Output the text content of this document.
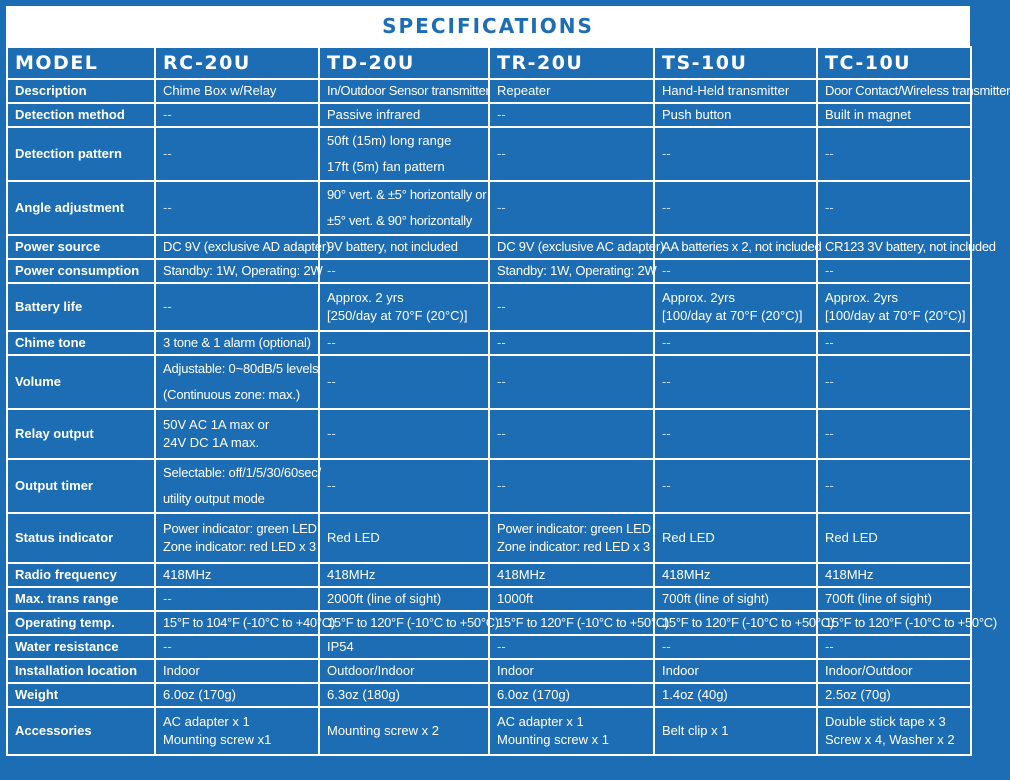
SPECIFICATIONS
MODEL	RC-20U	TD-20U	TR-20U	TS-10U	TC-10U
Description	Chime Box w/Relay	In/Outdoor Sensor transmitter	Repeater	Hand-Held transmitter	Door Contact/Wireless transmitter

Detection method	--	Passive infrared	--	Push button	Built in magnet

Detection pattern	--	50ft (15m) long range
17ft (5m) fan pattern	--	--	--

Angle adjustment	--	90° vert. & ±5° horizontally or
±5° vert. & 90° horizontally	--	--	--

Power source	DC 9V (exclusive AD adapter)	9V battery, not included	DC 9V (exclusive AC adapter)	AA batteries x 2, not included	CR123 3V battery, not included

Power consumption	Standby: 1W, Operating: 2W	--	Standby: 1W, Operating: 2W	--	--

Battery life	--	Approx. 2 yrs
[250/day at 70°F (20°C)]	--	Approx. 2yrs
[100/day at 70°F (20°C)]	Approx. 2yrs
[100/day at 70°F (20°C)]

Chime tone	3 tone & 1 alarm (optional)	--	--	--	--

Volume	Adjustable: 0~80dB/5 levels
(Continuous zone: max.)	--	--	--	--

Relay output	50V AC 1A max or
24V DC 1A max.	--	--	--	--

Output timer	Selectable: off/1/5/30/60sec/
utility output mode	--	--	--	--

Status indicator	Power indicator: green LED
Zone indicator: red LED x 3	Red LED	Power indicator: green LED
Zone indicator: red LED x 3	Red LED	Red LED

Radio frequency	418MHz	418MHz	418MHz	418MHz	418MHz

Max. trans range	--	2000ft (line of sight)	1000ft	700ft (line of sight)	700ft (line of sight)

Operating temp.	15°F to 104°F (-10°C to +40°C)	15°F to 120°F (-10°C to +50°C)	15°F to 120°F (-10°C to +50°C)	15°F to 120°F (-10°C to +50°C)	15°F to 120°F (-10°C to +50°C)

Water resistance	--	IP54	--	--	--

Installation location	Indoor	Outdoor/Indoor	Indoor	Indoor	Indoor/Outdoor

Weight	6.0oz (170g)	6.3oz (180g)	6.0oz (170g)	1.4oz (40g)	2.5oz (70g)

Accessories	AC adapter x 1
Mounting screw x1	Mounting screw x 2	AC adapter x 1
Mounting screw x 1	Belt clip x 1	Double stick tape x 3
Screw x 4, Washer x 2
